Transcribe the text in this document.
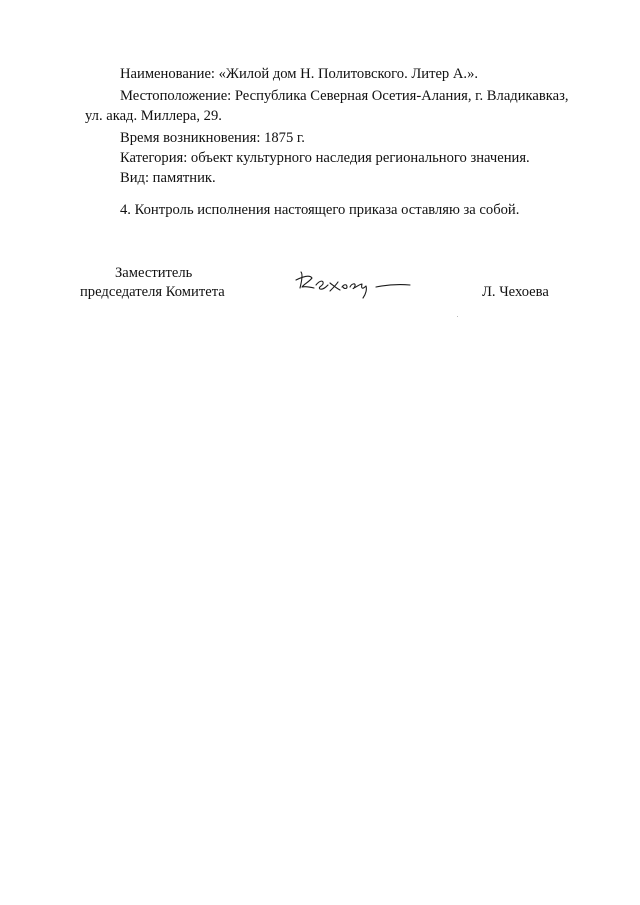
Наименование: «Жилой дом Н. Политовского. Литер А.».
Местоположение: Республика Северная Осетия-Алания, г. Владикавказ,
ул. акад. Миллера, 29.
Время возникновения: 1875 г.
Категория: объект культурного наследия регионального значения.
Вид: памятник.
4. Контроль исполнения настоящего приказа оставляю за собой.
Заместитель
председателя Комитета	Л. Чехоева
